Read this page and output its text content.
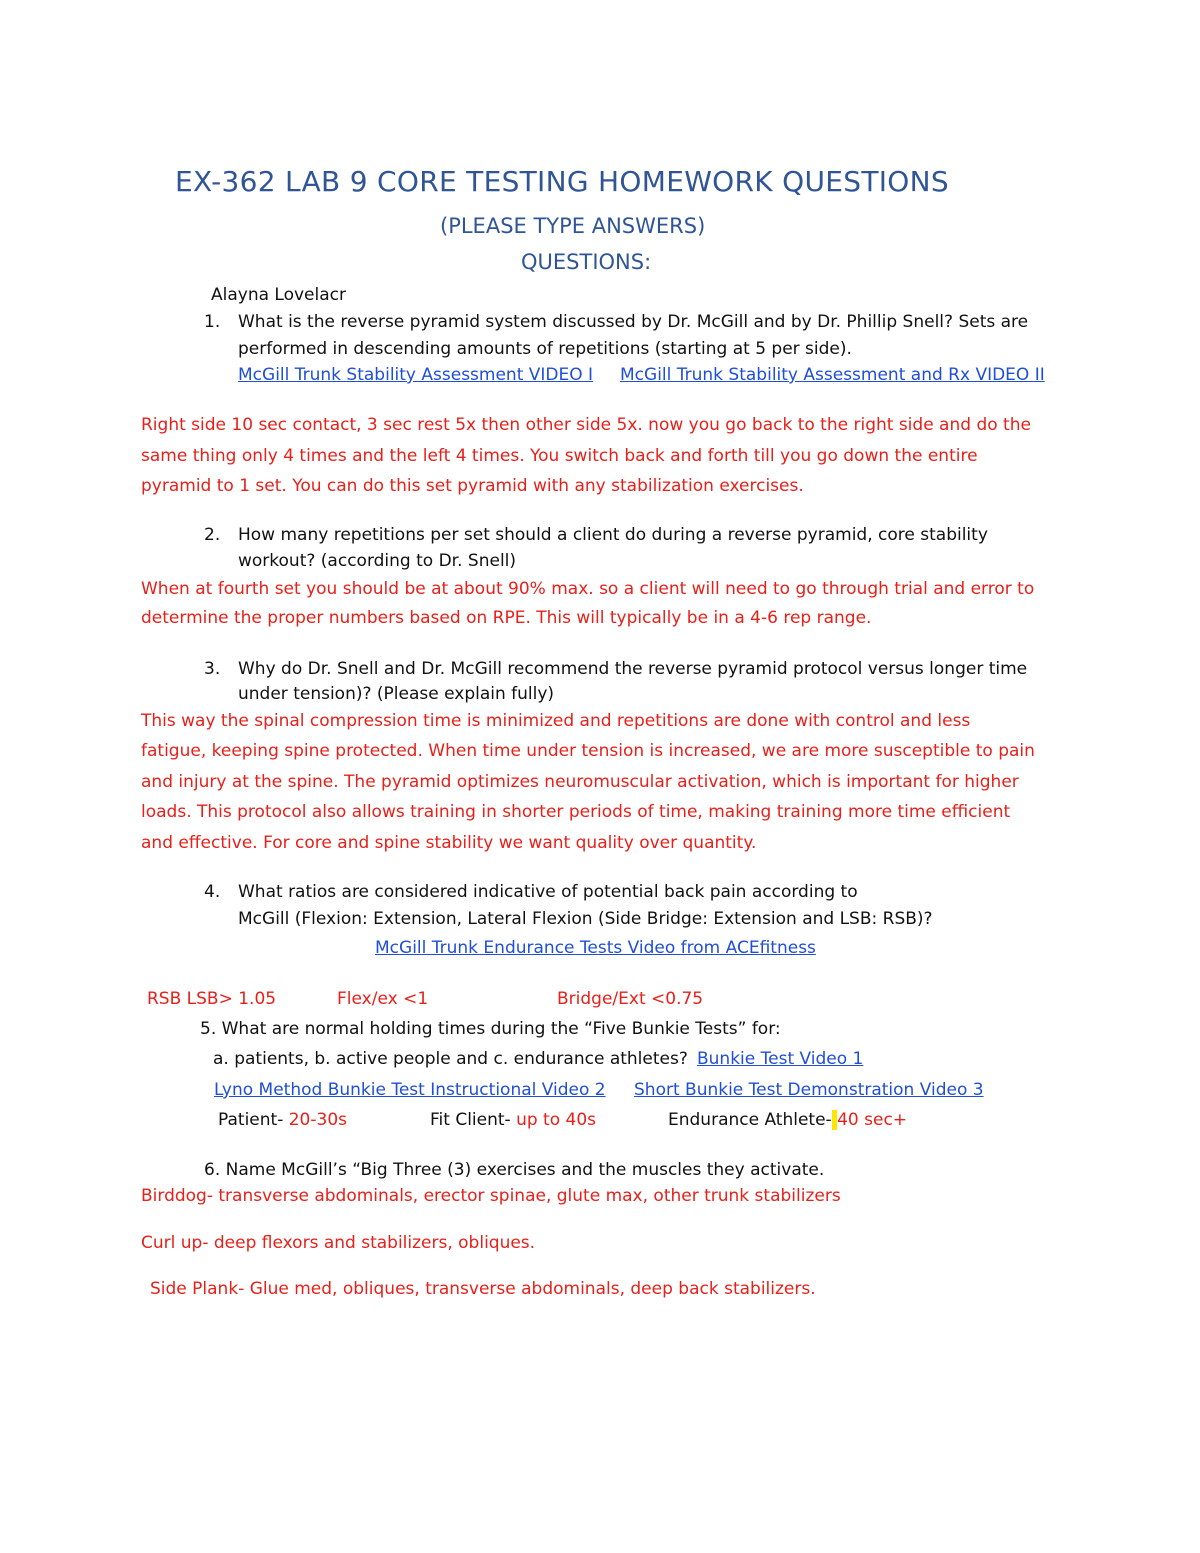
EX-362 LAB 9 CORE TESTING HOMEWORK QUESTIONS
(PLEASE TYPE ANSWERS)
QUESTIONS:
Alayna Lovelacr
1. What is the reverse pyramid system discussed by Dr. McGill and by Dr. Phillip Snell? Sets are
performed in descending amounts of repetitions (starting at 5 per side).
McGill Trunk Stability Assessment VIDEO I McGill Trunk Stability Assessment and Rx VIDEO II
Right side 10 sec contact, 3 sec rest 5x then other side 5x. now you go back to the right side and do the
same thing only 4 times and the left 4 times. You switch back and forth till you go down the entire
pyramid to 1 set. You can do this set pyramid with any stabilization exercises.
2. How many repetitions per set should a client do during a reverse pyramid, core stability
workout? (according to Dr. Snell)
When at fourth set you should be at about 90% max. so a client will need to go through trial and error to
determine the proper numbers based on RPE. This will typically be in a 4-6 rep range.
3. Why do Dr. Snell and Dr. McGill recommend the reverse pyramid protocol versus longer time
under tension)? (Please explain fully)
This way the spinal compression time is minimized and repetitions are done with control and less
fatigue, keeping spine protected. When time under tension is increased, we are more susceptible to pain
and injury at the spine. The pyramid optimizes neuromuscular activation, which is important for higher
loads. This protocol also allows training in shorter periods of time, making training more time efficient
and effective. For core and spine stability we want quality over quantity.
4. What ratios are considered indicative of potential back pain according to
McGill (Flexion: Extension, Lateral Flexion (Side Bridge: Extension and LSB: RSB)?
McGill Trunk Endurance Tests Video from ACEfitness
RSB LSB> 1.05	Flex/ex <1	Bridge/Ext <0.75
5. What are normal holding times during the “Five Bunkie Tests” for:
a. patients, b. active people and c. endurance athletes? Bunkie Test Video 1
Lyno Method Bunkie Test Instructional Video 2 Short Bunkie Test Demonstration Video 3
Patient- 20-30s	Fit Client- up to 40s	Endurance Athlete- 40 sec+
6. Name McGill’s “Big Three (3) exercises and the muscles they activate.
Birddog- transverse abdominals, erector spinae, glute max, other trunk stabilizers
Curl up- deep flexors and stabilizers, obliques.
Side Plank- Glue med, obliques, transverse abdominals, deep back stabilizers.
